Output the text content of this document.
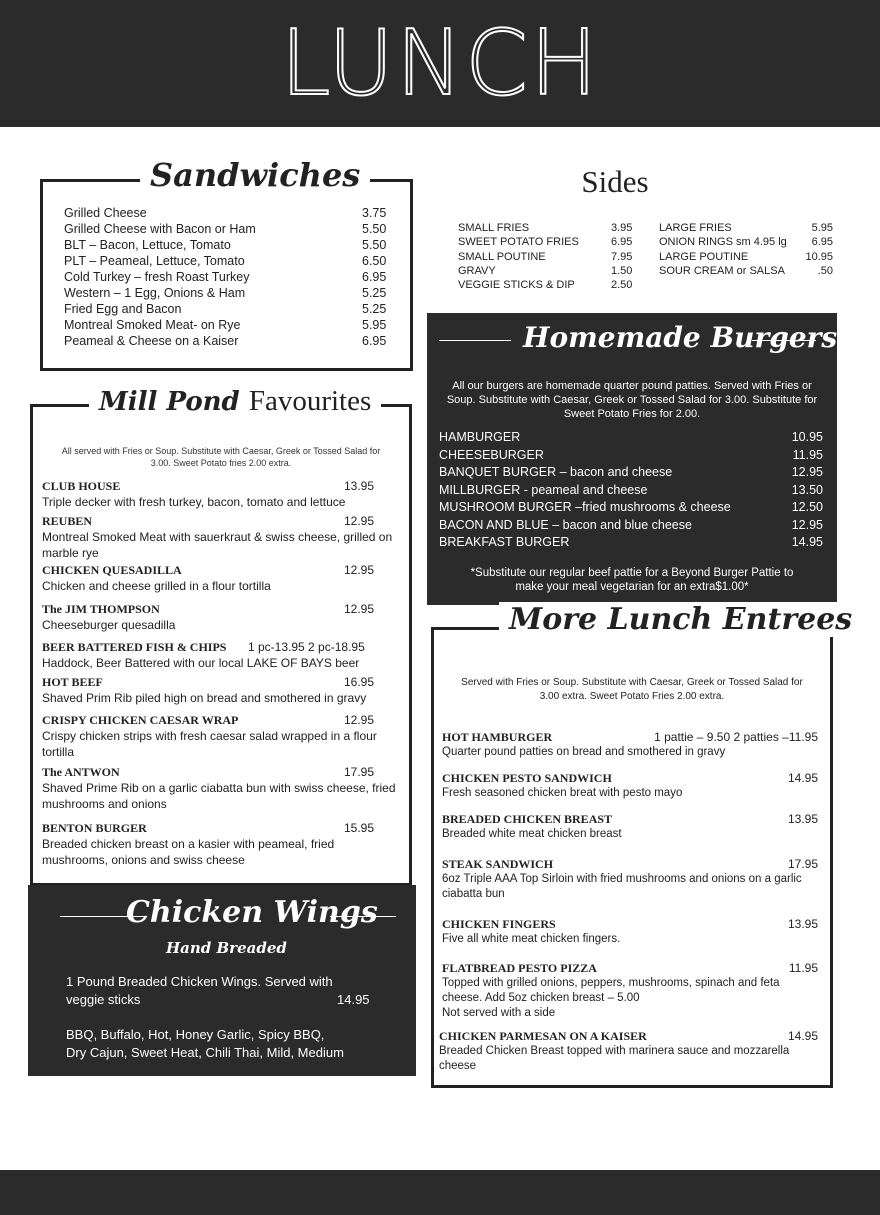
LUNCH
Sandwiches
Grilled Cheese	3.75
Grilled Cheese with Bacon or Ham	5.50
BLT – Bacon, Lettuce, Tomato	5.50
PLT – Peameal, Lettuce, Tomato	6.50
Cold Turkey – fresh Roast Turkey	6.95
Western – 1 Egg, Onions & Ham	5.25
Fried Egg and Bacon	5.25
Montreal Smoked Meat- on Rye	5.95
Peameal & Cheese on a Kaiser	6.95
Sides
SMALL FRIES	3.95
SWEET POTATO FRIES	6.95
SMALL POUTINE	7.95
GRAVY	1.50
VEGGIE STICKS & DIP	2.50
LARGE FRIES	5.95
ONION RINGS sm 4.95 lg 6.95
LARGE POUTINE	10.95
SOUR CREAM or SALSA	.50
Homemade Burgers
All our burgers are homemade quarter pound patties. Served with Fries or Soup. Substitute with Caesar, Greek or Tossed Salad for 3.00. Substitute for Sweet Potato Fries for 2.00.
HAMBURGER	10.95
CHEESEBURGER	11.95
BANQUET BURGER – bacon and cheese	12.95
MILLBURGER - peameal and cheese	13.50
MUSHROOM BURGER –fried mushrooms & cheese	12.50
BACON AND BLUE – bacon and blue cheese	12.95
BREAKFAST BURGER	14.95
*Substitute our regular beef pattie for a Beyond Burger Pattie to make your meal vegetarian for an extra$1.00*
Mill Pond Favourites
All served with Fries or Soup. Substitute with Caesar, Greek or Tossed Salad for 3.00. Sweet Potato fries 2.00 extra.
CLUB HOUSE	13.95
Triple decker with fresh turkey, bacon, tomato and lettuce
REUBEN	12.95
Montreal Smoked Meat with sauerkraut & swiss cheese, grilled on marble rye
CHICKEN QUESADILLA	12.95
Chicken and cheese grilled in a flour tortilla
The JIM THOMPSON	12.95
Cheeseburger quesadilla
BEER BATTERED FISH & CHIPS 1 pc-13.95 2 pc-18.95
Haddock, Beer Battered with our local LAKE OF BAYS beer
HOT BEEF	16.95
Shaved Prim Rib piled high on bread and smothered in gravy
CRISPY CHICKEN CAESAR WRAP	12.95
Crispy chicken strips with fresh caesar salad wrapped in a flour tortilla
The ANTWON	17.95
Shaved Prime Rib on a garlic ciabatta bun with swiss cheese, fried mushrooms and onions
BENTON BURGER	15.95
Breaded chicken breast on a kasier with peameal, fried mushrooms, onions and swiss cheese
Chicken Wings
Hand Breaded
1 Pound Breaded Chicken Wings. Served with
veggie sticks	14.95
BBQ, Buffalo, Hot, Honey Garlic, Spicy BBQ,
Dry Cajun, Sweet Heat, Chili Thai, Mild, Medium
More Lunch Entrees
Served with Fries or Soup. Substitute with Caesar, Greek or Tossed Salad for 3.00 extra. Sweet Potato Fries 2.00 extra.
HOT HAMBURGER	1 pattie – 9.50 2 patties –11.95
Quarter pound patties on bread and smothered in gravy
CHICKEN PESTO SANDWICH	14.95
Fresh seasoned chicken breat with pesto mayo
BREADED CHICKEN BREAST	13.95
Breaded white meat chicken breast
STEAK SANDWICH	17.95
6oz Triple AAA Top Sirloin with fried mushrooms and onions on a garlic ciabatta bun
CHICKEN FINGERS	13.95
Five all white meat chicken fingers.
FLATBREAD PESTO PIZZA	11.95
Topped with grilled onions, peppers, mushrooms, spinach and feta cheese. Add 5oz chicken breast – 5.00
Not served with a side
CHICKEN PARMESAN ON A KAISER	14.95
Breaded Chicken Breast topped with marinera sauce and mozzarella cheese
